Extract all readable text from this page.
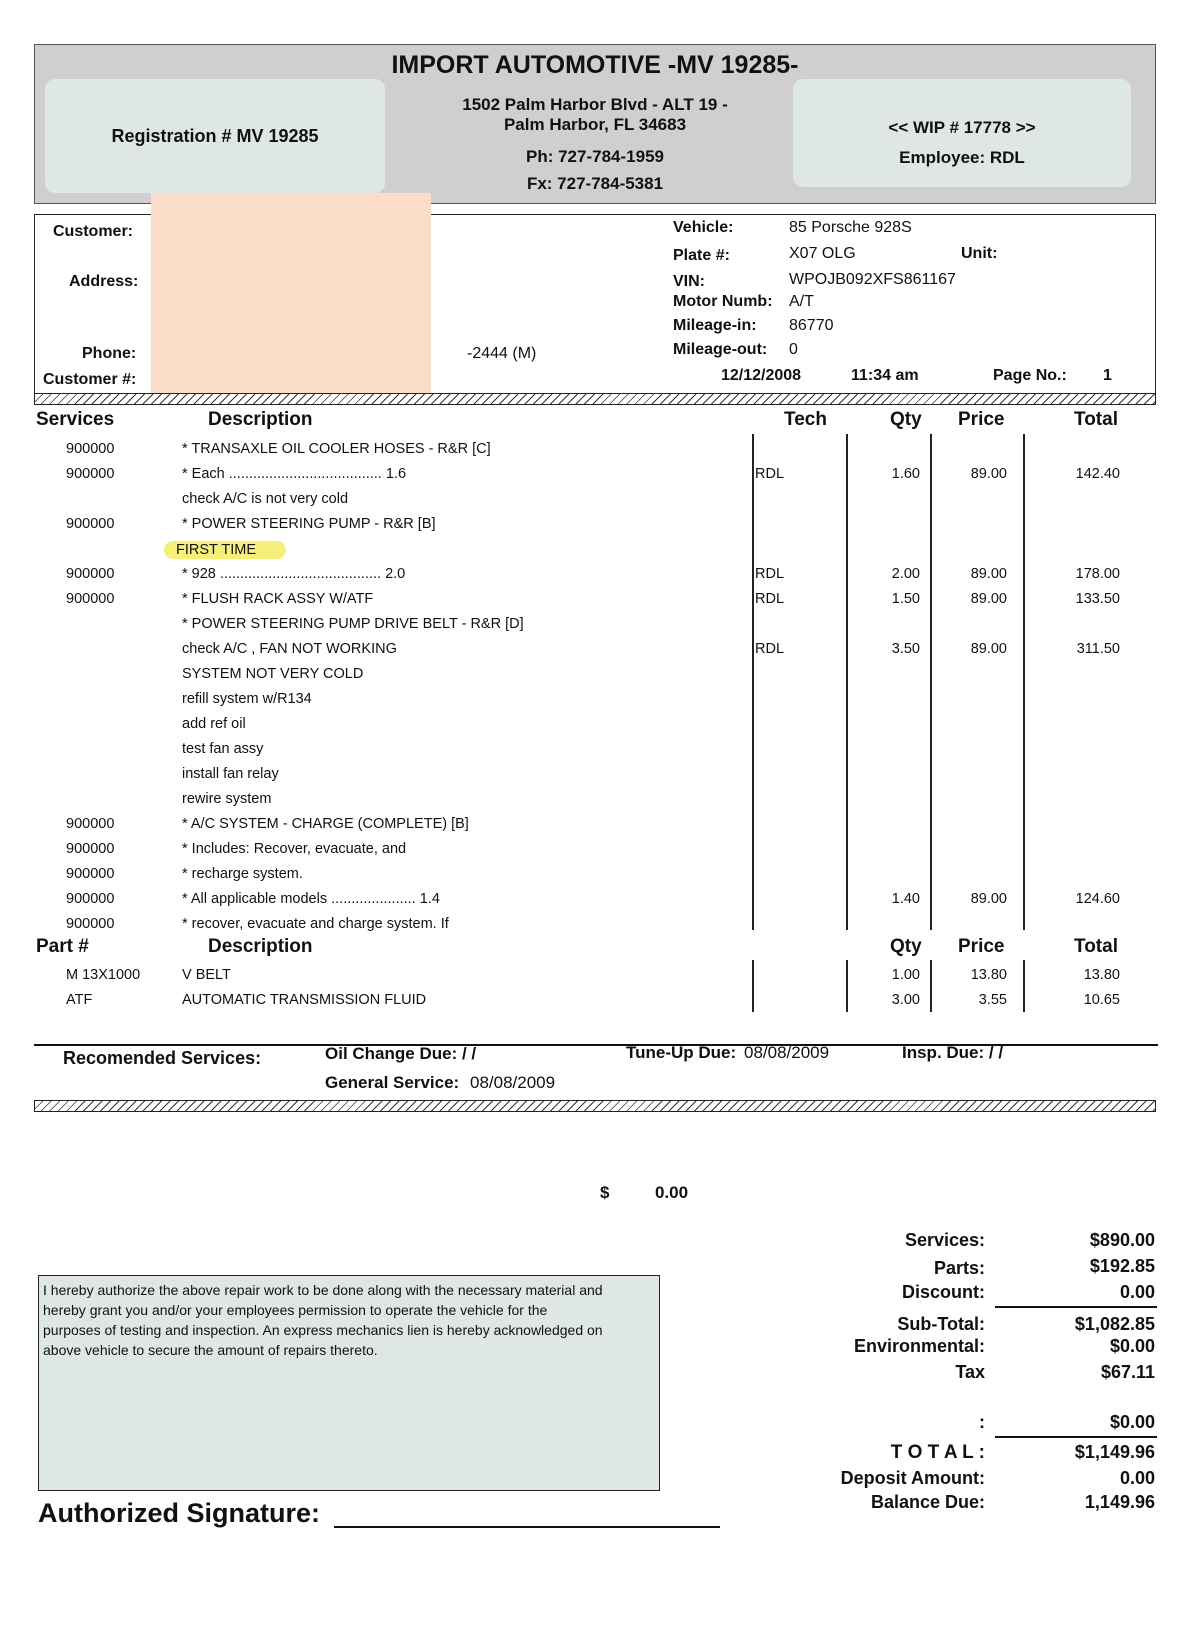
IMPORT AUTOMOTIVE -MV 19285-
Registration # MV 19285
1502 Palm Harbor Blvd - ALT 19 -
Palm Harbor, FL 34683
Ph: 727-784-1959
Fx: 727-784-5381
<< WIP # 17778 >>
Employee: RDL
Customer:
Address:
Phone:	-2444 (M)
Customer #:
Vehicle:	85 Porsche 928S
Plate #:	X07 OLG	Unit:
VIN:	WPOJB092XFS861167
Motor Numb: A/T
Mileage-in: 86770
Mileage-out: 0
12/12/2008	11:34 am	Page No.: 1
Services	Description	Tech	Qty Price	Total
900000	* TRANSAXLE OIL COOLER HOSES - R&R [C]
900000	* Each ...................................... 1.6	RDL	1.60	89.00	142.40
check A/C is not very cold
900000	* POWER STEERING PUMP - R&R [B]
FIRST TIME
900000	* 928 ........................................ 2.0	RDL	2.00	89.00	178.00
900000	* FLUSH RACK ASSY W/ATF	RDL	1.50	89.00	133.50
* POWER STEERING PUMP DRIVE BELT - R&R [D]
check A/C , FAN NOT WORKING	RDL	3.50	89.00	311.50
SYSTEM NOT VERY COLD
refill system w/R134
add ref oil
test fan assy
install fan relay
rewire system
900000	* A/C SYSTEM - CHARGE (COMPLETE) [B]
900000	* Includes: Recover, evacuate, and
900000	* recharge system.
900000	* All applicable models ..................... 1.4	1.40	89.00	124.60
900000	* recover, evacuate and charge system. If
Part #	Description	Qty Price	Total
M 13X1000	V BELT	1.00	13.80	13.80
ATF	AUTOMATIC TRANSMISSION FLUID	3.00	3.55	10.65
Recomended Services:	Oil Change Due: / /	Tune-Up Due: 08/08/2009	Insp. Due: / /
General Service: 08/08/2009
$	0.00
I hereby authorize the above repair work to be done along with the necessary material and hereby grant you and/or your employees permission to operate the vehicle for the purposes of testing and inspection. An express mechanics lien is hereby acknowledged on above vehicle to secure the amount of repairs thereto.
Authorized Signature:
Services:	$890.00
Parts:	$192.85
Discount:	0.00
Sub-Total:	$1,082.85
Environmental:	$0.00
Tax	$67.11
:	$0.00
T O T A L :	$1,149.96
Deposit Amount:	0.00
Balance Due:	1,149.96
